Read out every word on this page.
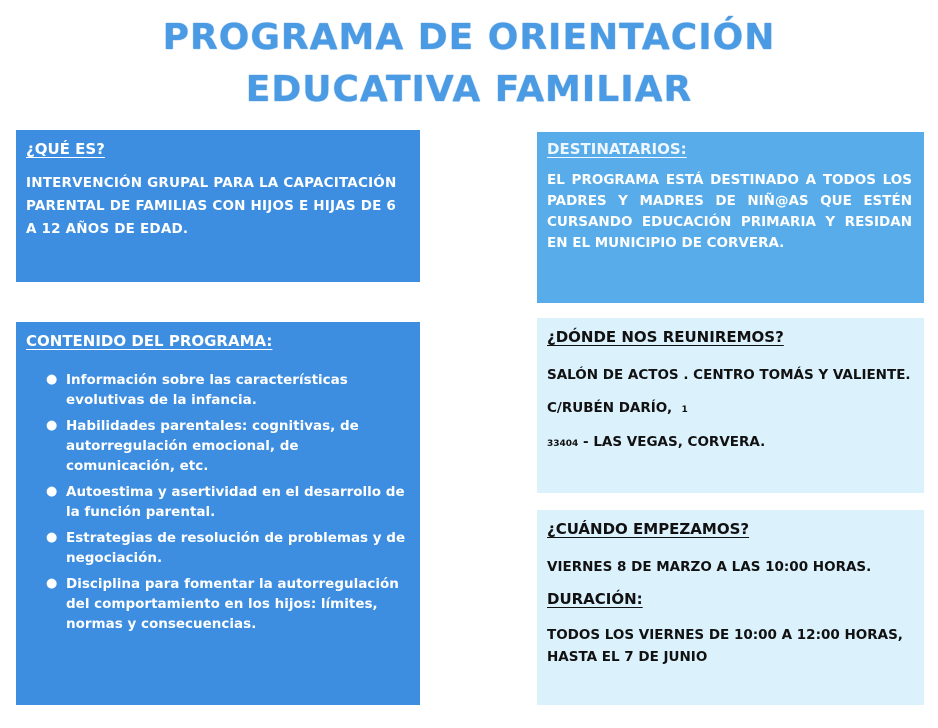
PROGRAMA DE ORIENTACIÓN
EDUCATIVA FAMILIAR
¿QUÉ ES?
INTERVENCIÓN GRUPAL PARA LA CAPACITACIÓN PARENTAL DE FAMILIAS CON HIJOS E HIJAS DE 6 A 12 AÑOS DE EDAD.
DESTINATARIOS:
EL PROGRAMA ESTÁ DESTINADO A TODOS LOS PADRES Y MADRES DE NIÑ@AS QUE ESTÉN CURSANDO EDUCACIÓN PRIMARIA Y RESIDAN EN EL MUNICIPIO DE CORVERA.
CONTENIDO DEL PROGRAMA:
● Información sobre las características evolutivas de la infancia.
● Habilidades parentales: cognitivas, de autorregulación emocional, de comunicación, etc.
● Autoestima y asertividad en el desarrollo de la función parental.
● Estrategias de resolución de problemas y de negociación.
● Disciplina para fomentar la autorregulación del comportamiento en los hijos: límites, normas y consecuencias.
¿DÓNDE NOS REUNIREMOS?
SALÓN DE ACTOS . CENTRO TOMÁS Y VALIENTE.
C/RUBÉN DARÍO, 1
33404 - LAS VEGAS, CORVERA.
¿CUÁNDO EMPEZAMOS?
VIERNES 8 DE MARZO A LAS 10:00 HORAS.
DURACIÓN:
TODOS LOS VIERNES DE 10:00 A 12:00 HORAS, HASTA EL 7 DE JUNIO
